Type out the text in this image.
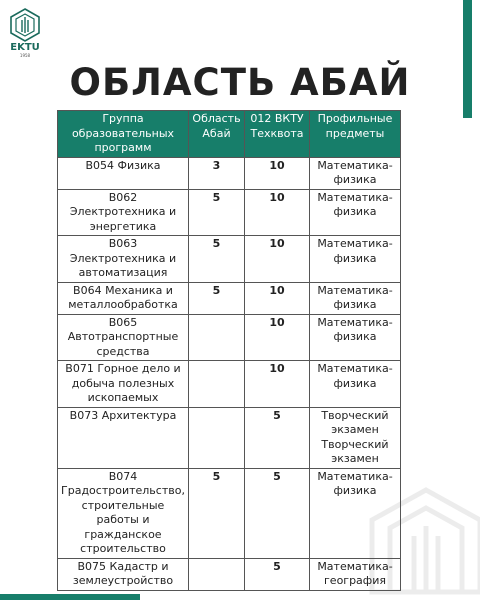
EKTU
1958
ОБЛАСТЬ АБАЙ
Группа образовательных программ	Область Абай	012 ВКТУ Техквота	Профильные предметы
B054 Физика	3	10	Математика-физика
B062 Электротехника и энергетика	5	10	Математика-физика
B063 Электротехника и автоматизация	5	10	Математика-физика
B064 Механика и металлообработка	5	10	Математика-физика
B065 Автотранспортные средства		10	Математика-физика
B071 Горное дело и добыча полезных ископаемых		10	Математика-физика
B073 Архитектура		5	Творческий экзамен Творческий экзамен
B074 Градостроительство, строительные работы и гражданское строительство	5	5	Математика-физика
B075 Кадастр и землеустройство		5	Математика-география
